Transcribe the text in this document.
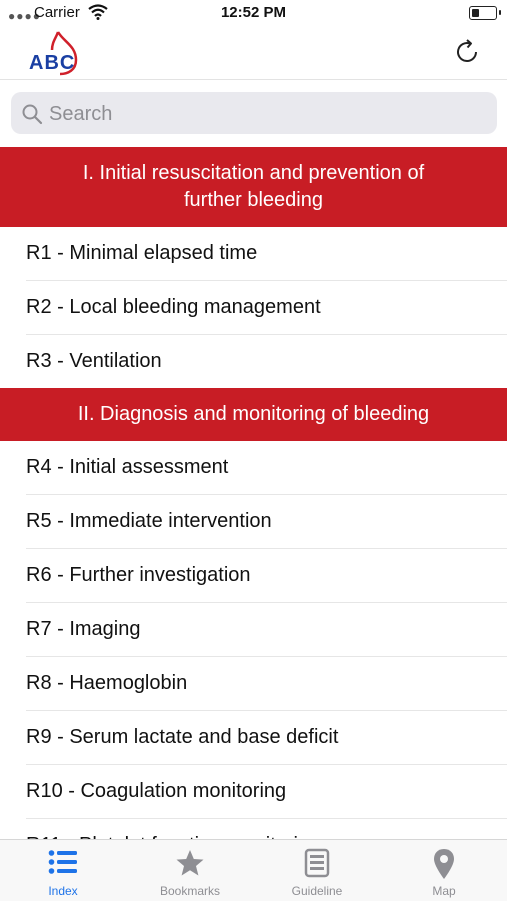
●●●●
Carrier	12:52 PM
ABC
Search
I. Initial resuscitation and prevention of further bleeding
R1 - Minimal elapsed time
R2 - Local bleeding management
R3 - Ventilation
II. Diagnosis and monitoring of bleeding
R4 - Initial assessment
R5 - Immediate intervention
R6 - Further investigation
R7 - Imaging
R8 - Haemoglobin
R9 - Serum lactate and base deficit
R10 - Coagulation monitoring
Index	Bookmarks	Guideline	Map
